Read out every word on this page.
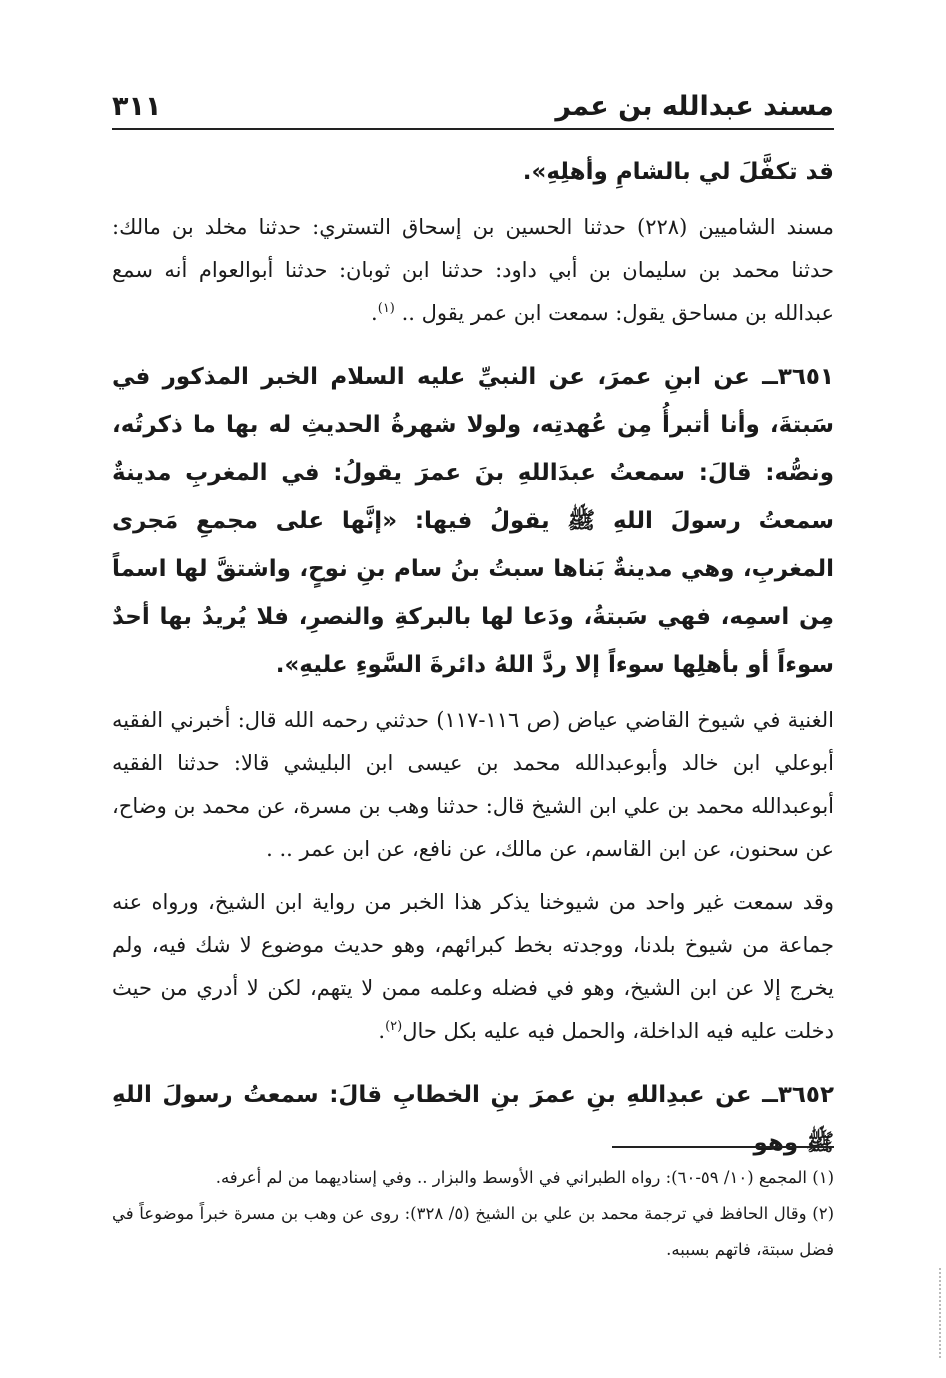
مسند عبدالله بن عمر
٣١١

قد تكفَّلَ لي بالشامِ وأهلِهِ».

مسند الشاميين (٢٢٨) حدثنا الحسين بن إسحاق التستري: حدثنا مخلد بن مالك: حدثنا محمد بن سليمان بن أبي داود: حدثنا ابن ثوبان: حدثنا أبوالعوام أنه سمع عبدالله بن مساحق يقول: سمعت ابن عمر يقول .. $^{(١)}$.

٣٦٥١ــ عن ابنِ عمرَ، عن النبيِّ عليه السلام الخبر المذكور في سَبتةَ، وأنا أتبرأُ مِن عُهدتِه، ولولا شهرةُ الحديثِ له بها ما ذكرتُه، ونصُّه: قالَ: سمعتُ عبدَاللهِ بنَ عمرَ يقولُ: في المغربِ مدينةٌ سمعتُ رسولَ اللهِ ﷺ يقولُ فيها: «إنَّها على مجمعِ مَجرى المغربِ، وهي مدينةٌ بَناها سبتُ بنُ سام بنِ نوحٍ، واشتقَّ لها اسماً مِن اسمِه، فهي سَبتةُ، ودَعا لها بالبركةِ والنصرِ، فلا يُريدُ بها أحدٌ سوءاً أو بأهلِها سوءاً إلا ردَّ اللهُ دائرةَ السَّوءِ عليهِ».

الغنية في شيوخ القاضي عياض (ص ١١٦-١١٧) حدثني رحمه الله قال: أخبرني الفقيه أبوعلي ابن خالد وأبوعبدالله محمد بن عيسى ابن البليشي قالا: حدثنا الفقيه أبوعبدالله محمد بن علي ابن الشيخ قال: حدثنا وهب بن مسرة، عن محمد بن وضاح، عن سحنون، عن ابن القاسم، عن مالك، عن نافع، عن ابن عمر .. .

وقد سمعت غير واحد من شيوخنا يذكر هذا الخبر من رواية ابن الشيخ، ورواه عنه جماعة من شيوخ بلدنا، ووجدته بخط كبرائهم، وهو حديث موضوع لا شك فيه، ولم يخرج إلا عن ابن الشيخ، وهو في فضله وعلمه ممن لا يتهم، لكن لا أدري من حيث دخلت عليه فيه الداخلة، والحمل فيه عليه بكل حال$^{(٢)}$.

٣٦٥٢ــ عن عبدِاللهِ بنِ عمرَ بنِ الخطابِ قالَ: سمعتُ رسولَ اللهِ ﷺ وهو

(١) المجمع (١٠/ ٥٩-٦٠): رواه الطبراني في الأوسط والبزار .. وفي إسناديهما من لم أعرفه.

(٢) وقال الحافظ في ترجمة محمد بن علي بن الشيخ (٥/ ٣٢٨): روى عن وهب بن مسرة خبراً موضوعاً في فضل سبتة، فاتهم بسببه.
